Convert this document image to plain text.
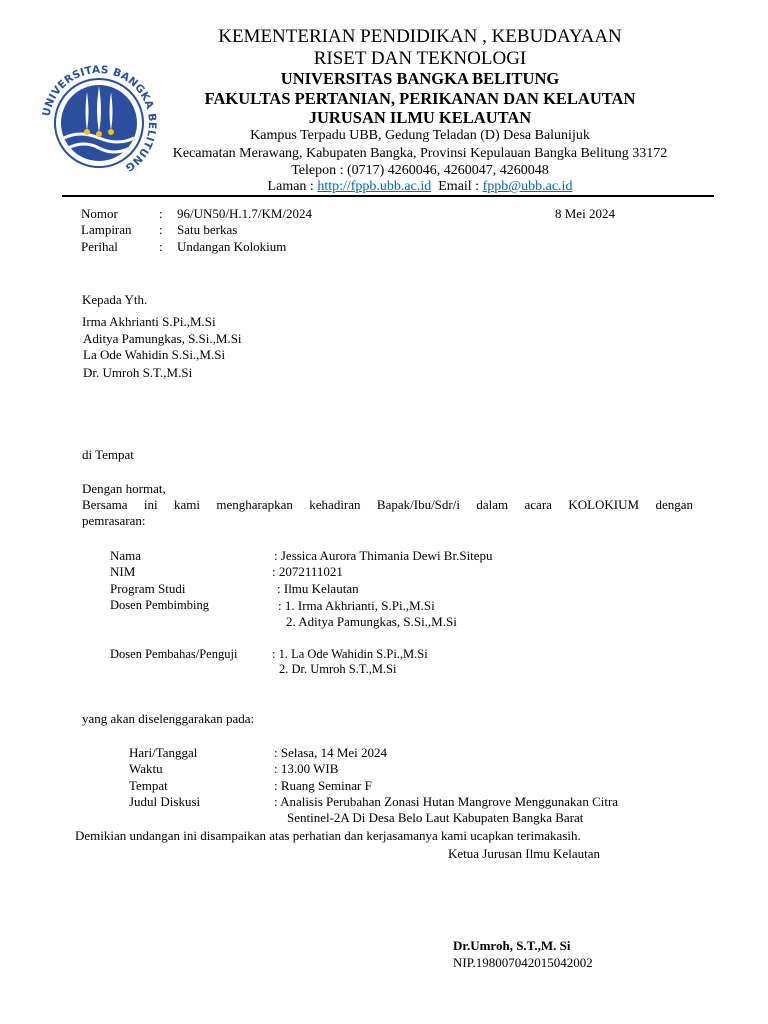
UNIVERSITAS BANGKA BELITUNG
KEMENTERIAN PENDIDIKAN , KEBUDAYAAN
RISET DAN TEKNOLOGI
UNIVERSITAS BANGKA BELITUNG
FAKULTAS PERTANIAN, PERIKANAN DAN KELAUTAN
JURUSAN ILMU KELAUTAN
Kampus Terpadu UBB, Gedung Teladan (D) Desa Balunijuk
Kecamatan Merawang, Kabupaten Bangka, Provinsi Kepulauan Bangka Belitung 33172
Telepon : (0717) 4260046, 4260047, 4260048
Laman : http://fppb.ubb.ac.id Email : fppb@ubb.ac.id
Nomor	: 96/UN50/H.1.7/KM/2024	8 Mei 2024
Lampiran : Satu berkas
Perihal	: Undangan Kolokium
Kepada Yth.
Irma Akhrianti S.Pi.,M.Si
Aditya Pamungkas, S.Si.,M.Si
La Ode Wahidin S.Si.,M.Si
Dr. Umroh S.T.,M.Si
di Tempat
Dengan hormat,
Bersama ini kami mengharapkan kehadiran Bapak/Ibu/Sdr/i dalam acara KOLOKIUM dengan
pemrasaran:
Nama	: Jessica Aurora Thimania Dewi Br.Sitepu
NIM	: 2072111021
Program Studi	: Ilmu Kelautan
Dosen Pembimbing	: 1. Irma Akhrianti, S.Pi.,M.Si
2. Aditya Pamungkas, S.Si.,M.Si
Dosen Pembahas/Penguji	: 1. La Ode Wahidin S.Pi.,M.Si
2. Dr. Umroh S.T.,M.Si
yang akan diselenggarakan pada:
Hari/Tanggal	: Selasa, 14 Mei 2024
Waktu	: 13.00 WIB
Tempat	: Ruang Seminar F
Judul Diskusi	: Analisis Perubahan Zonasi Hutan Mangrove Menggunakan Citra
Sentinel-2A Di Desa Belo Laut Kabupaten Bangka Barat
Demikian undangan ini disampaikan atas perhatian dan kerjasamanya kami ucapkan terimakasih.
Ketua Jurusan Ilmu Kelautan
Dr.Umroh, S.T.,M. Si
NIP.198007042015042002
